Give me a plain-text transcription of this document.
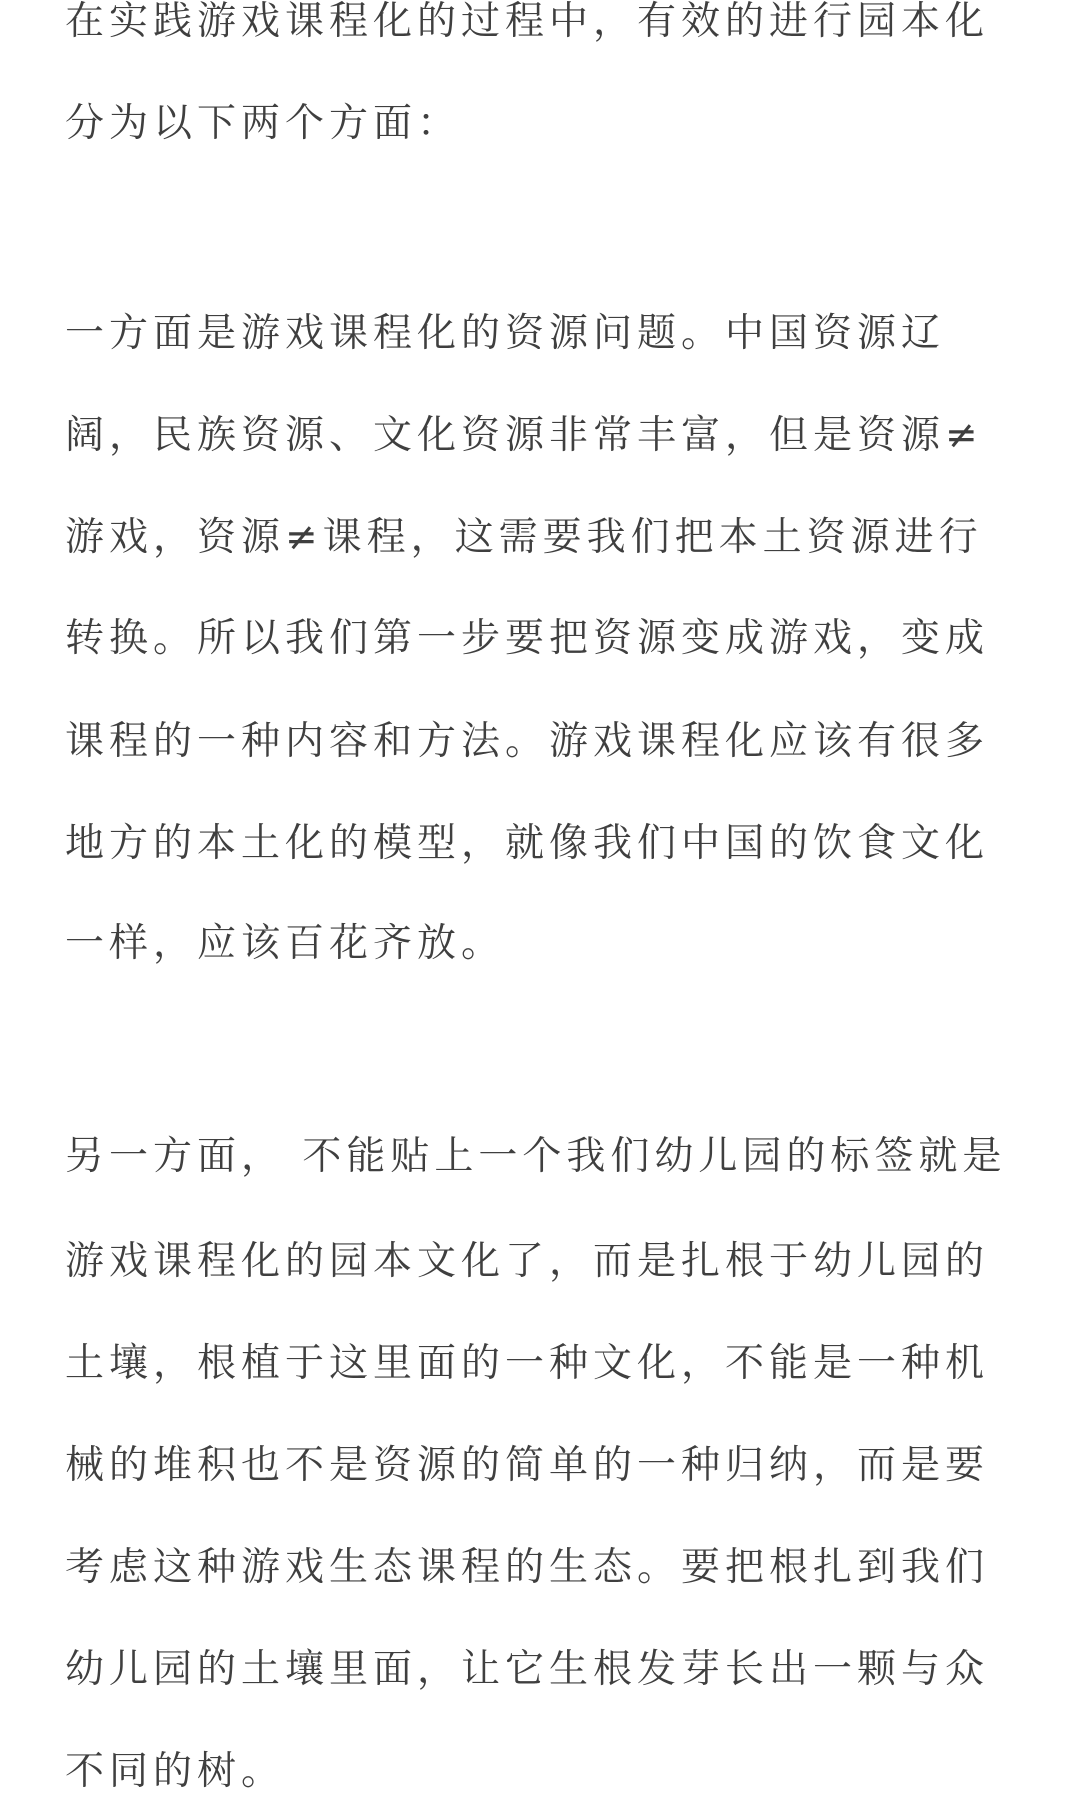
在实践游戏课程化的过程中，有效的进行园本化
分为以下两个方面：
一方面是游戏课程化的资源问题。中国资源辽
阔，民族资源、文化资源非常丰富，但是资源≠
游戏，资源≠课程，这需要我们把本土资源进行
转换。所以我们第一步要把资源变成游戏，变成
课程的一种内容和方法。游戏课程化应该有很多
地方的本土化的模型，就像我们中国的饮食文化
一样，应该百花齐放。
另一方面， 不能贴上一个我们幼儿园的标签就是
游戏课程化的园本文化了，而是扎根于幼儿园的
土壤，根植于这里面的一种文化，不能是一种机
械的堆积也不是资源的简单的一种归纳，而是要
考虑这种游戏生态课程的生态。要把根扎到我们
幼儿园的土壤里面，让它生根发芽长出一颗与众
不同的树。
